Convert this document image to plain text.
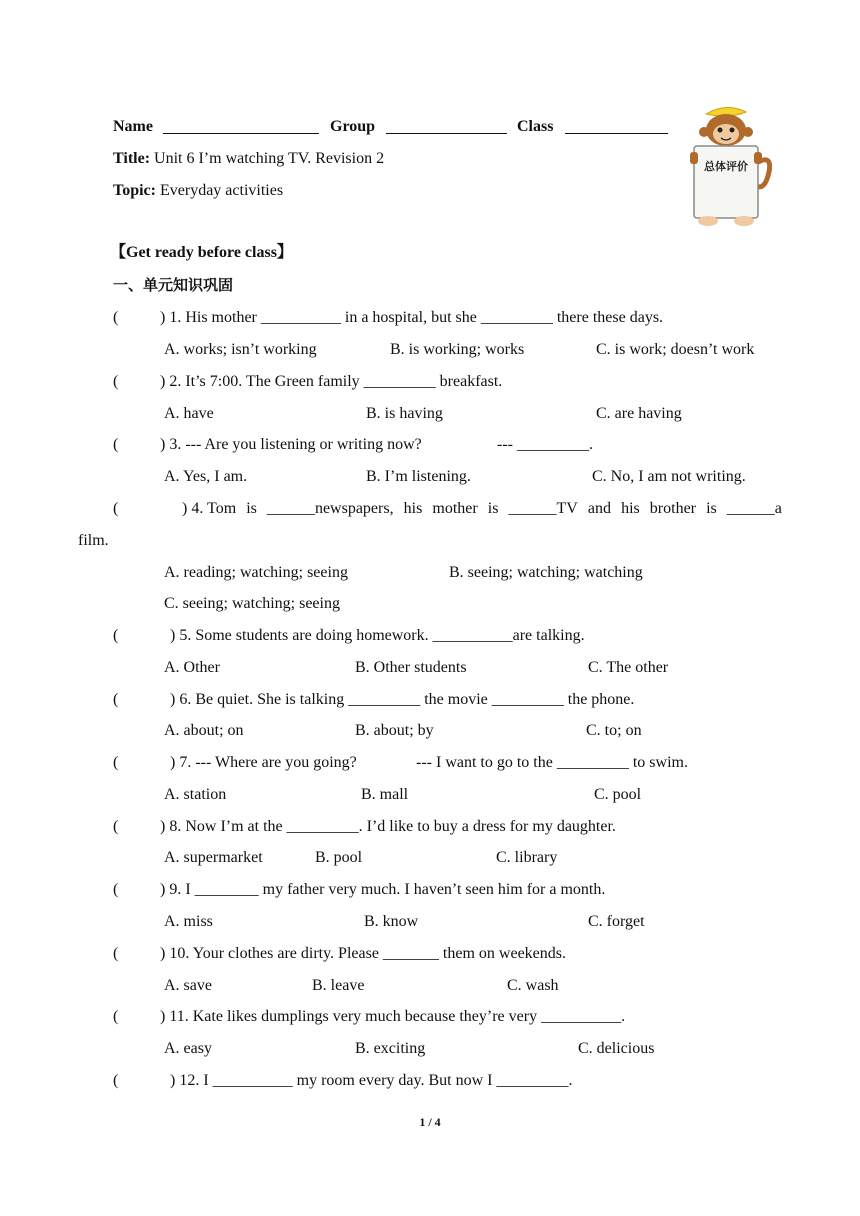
Name	Group	Class
Title: Unit 6 I’m watching TV. Revision 2
Topic: Everyday activities
总体评价
【Get ready before class】
一、单元知识巩固
(	) 1. His mother __________ in a hospital, but she _________ there these days.
A. works; isn’t working	B. is working; works	C. is work; doesn’t work
(	) 2. It’s 7:00. The Green family _________ breakfast.
A. have	B. is having	C. are having
(	) 3. --- Are you listening or writing now?	--- _________.
A. Yes, I am.	B. I’m listening.	C. No, I am not writing.
(	) 4. Tom is ______newspapers, his mother is ______TV and his brother is ______a
film.
A. reading; watching; seeing	B. seeing; watching; watching
C. seeing; watching; seeing
(	) 5. Some students are doing homework. __________are talking.
A. Other	B. Other students	C. The other
(	) 6. Be quiet. She is talking _________ the movie _________ the phone.
A. about; on	B. about; by	C. to; on
(	) 7. --- Where are you going?	--- I want to go to the _________ to swim.
A. station	B. mall	C. pool
(	) 8. Now I’m at the _________. I’d like to buy a dress for my daughter.
A. supermarket	B. pool	C. library
(	) 9. I ________ my father very much. I haven’t seen him for a month.
A. miss	B. know	C. forget
(	) 10. Your clothes are dirty. Please _______ them on weekends.
A. save	B. leave	C. wash
(	) 11. Kate likes dumplings very much because they’re very __________.
A. easy	B. exciting	C. delicious
(	) 12. I __________ my room every day. But now I _________.
1 / 4
